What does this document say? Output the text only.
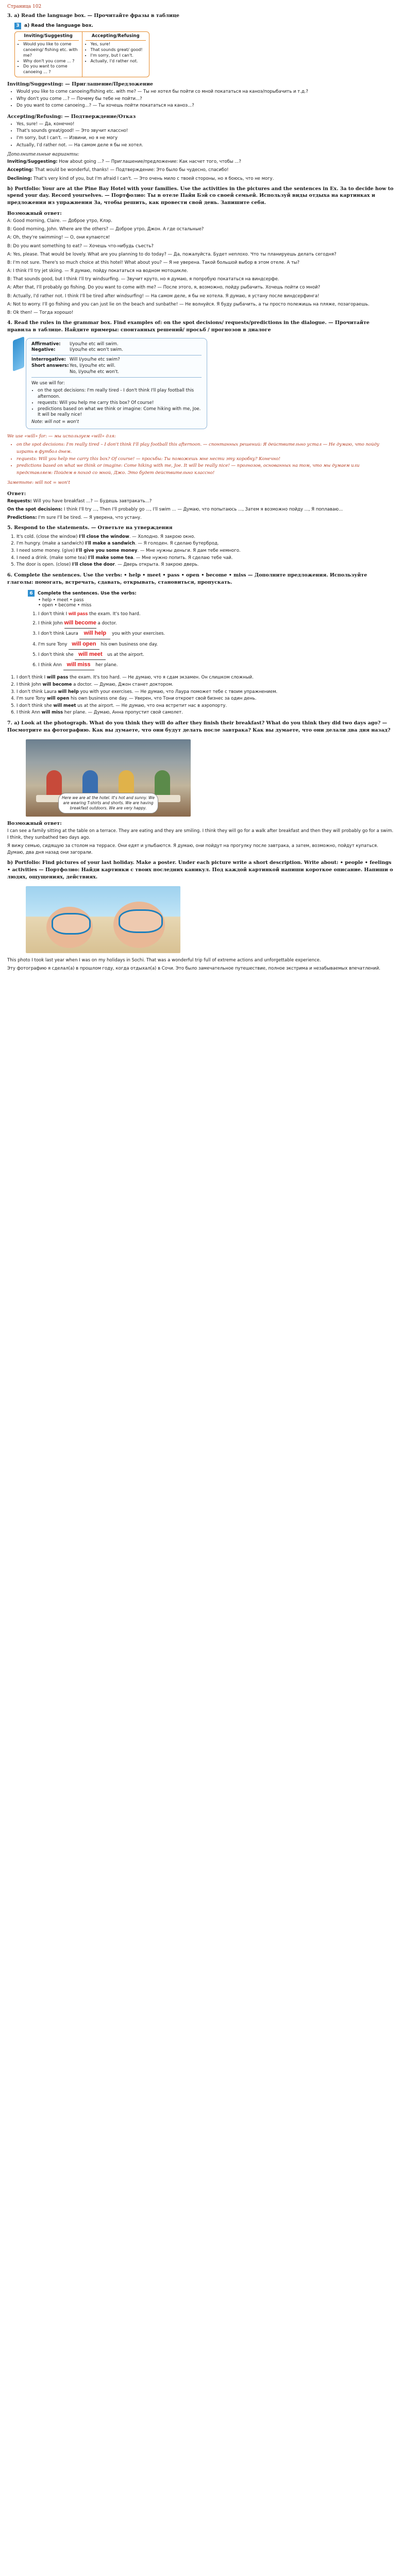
Страница 102
3. a) Read the language box. — Прочитайте фразы в таблице
3	a) Read the language box.
Inviting/Suggesting
• Would you like to come canoeing/ fishing etc. with me?
• Why don't you come ... ?
• Do you want to come canoeing ... ?
Accepting/Refusing
• Yes, sure!
• That sounds great/ good!
• I'm sorry, but I can't.
• Actually, I'd rather not.
Inviting/Suggesting: — Приглашение/Предложение
• Would you like to come canoeing/fishing etc. with me? — Ты не хотел бы пойти со мной покататься на каноэ/порыбачить и т.д.?
• Why don't you come ...? — Почему бы тебе не пойти...?
• Do you want to come canoeing...? — Ты хочешь пойти покататься на каноэ...?
Accepting/Refusing: — Подтверждение/Отказ
• Yes, sure! — Да, конечно!
• That's sounds great/good! — Это звучит классно!
• I'm sorry, but I can't. — Извини, но я не могу
• Actually, I'd rather not. — На самом деле я бы не хотел.
Дополнительные варианты:
Inviting/Suggesting: How about going ...? — Приглашение/предложение: Как насчет того, чтобы ...?
Accepting: That would be wonderful, thanks! — Подтверждение: Это было бы чудесно, спасибо!
Declining: That's very kind of you, but I'm afraid I can't. — Это очень мило с твоей стороны, но я боюсь, что не могу.
b) Portfolio: Your are at the Pine Bay Hotel with your families. Use the activities in the pictures and the sentences in Ex. 3a to decide how to spend your day. Record yourselves. — Портфолио: Ты в отеле Пайн Бэй со своей семьей. Используй виды отдыха на картинках и предложения из упражнения 3а, чтобы решить, как провести свой день. Запишите себя.
Возможный ответ:
A: Good morning, Claire. — Доброе утро, Клэр.
B: Good morning, John. Where are the others? — Доброе утро, Джон. А где остальные?
A: Oh, they're swimming! — О, они купаются!
B: Do you want something to eat? — Хочешь что-нибудь съесть?
A: Yes, please. That would be lovely. What are you planning to do today? — Да, пожалуйста. Будет неплохо. Что ты планируешь делать сегодня?
B: I'm not sure. There's so much choice at this hotel! What about you? — Я не уверена. Такой большой выбор в этом отеле. А ты?
A: I think I'll try jet skiing. — Я думаю, пойду покататься на водном мотоцикле.
B: That sounds good, but I think I'll try windsurfing. — Звучит круто, но я думаю, я попробую покататься на виндсерфе.
A: After that, I'll probably go fishing. Do you want to come with me? — После этого, я, возможно, пойду рыбачить. Хочешь пойти со мной?
B: Actually, I'd rather not. I think I'll be tired after windsurfing! — На самом деле, я бы не хотела. Я думаю, я устану после виндсерфинга!
A: Not to worry. I'll go fishing and you can just lie on the beach and sunbathe! — Не волнуйся. Я буду рыбачить, а ты просто полежишь на пляже, позагораешь.
B: Ok then! — Тогда хорошо!
4. Read the rules in the grammar box. Find examples of: on the spot decisions/ requests/predictions in the dialogue. — Прочитайте правила в таблице. Найдите примеры: спонтанных решений/ просьб / прогнозов в диалоге
Affirmative:	I/you/he etc will swim.
Negative:	I/you/he etc won't swim.
Interrogative: Will I/you/he etc swim?
Short answers: Yes, I/you/he etc will.
No, I/you/he etc won't.
We use will for:
• on the spot decisions: I'm really tired - I don't think I'll play football this afternoon.
• requests: Will you help me carry this box? Of course!
• predictions based on what we think or imagine: Come hiking with me, Joe. It will be really nice!
Note: will not = won't
We use «will» for: — мы используем «will» для:
• on the spot decisions: I'm really tired – I don't think I'll play football this afternoon. — спонтанных решений: Я действительно устал — Не думаю, что пойду играть в футбол днем.
• requests: Will you help me carry this box? Of course! — просьбы: Ты поможешь мне нести эту коробку? Конечно!
• predictions based on what we think or imagine: Come hiking with me, Joe. It will be really nice! — прогнозов, основанных на том, что мы думаем или представляем: Пойдем в поход со мной, Джо. Это будет действительно классно!
Заметьте: will not = won't
Ответ:
Requests: Will you have breakfast ...? — Будешь завтракать...?
On the spot decisions: I think I'll try ..., Then I'll probably go ..., I'll swim ... — Думаю, что попытаюсь ..., Затем я возможно пойду ..., Я поплаваю...
Predictions: I'm sure I'll be tired. — Я уверена, что устану.
5. Respond to the statements. — Ответьте на утверждения
1. It's cold. (close the window) I'll close the window. — Холодно. Я закрою окно.
2. I'm hungry. (make a sandwich) I'll make a sandwich. — Я голоден. Я сделаю бутерброд.
3. I need some money. (give) I'll give you some money. — Мне нужны деньги. Я дам тебе немного.
4. I need a drink. (make some tea) I'll make some tea. — Мне нужно попить. Я сделаю тебе чай.
5. The door is open. (close) I'll close the door. — Дверь открыта. Я закрою дверь.
6. Complete the sentences. Use the verbs: • help • meet • pass • open • become • miss — Дополните предложения. Используйте глаголы: помогать, встречать, сдавать, открывать, становиться, пропускать.
6	Complete the sentences. Use the verbs:
• help • meet • pass
• open • become • miss
1. I don't think I will pass the exam. It's too hard.
2. I think John will become a doctor.
3. I don't think Laura will help you with your exercises.
4. I'm sure Tony will open his own business one day.
5. I don't think she will meet us at the airport.
6. I think Ann will miss her plane.
1. I don't think I will pass the exam. It's too hard. — Не думаю, что я сдам экзамен. Он слишком сложный.
2. I think John will become a doctor. — Думаю, Джон станет доктором.
3. I don't think Laura will help you with your exercises. — Не думаю, что Лаура поможет тебе с твоим упражнением.
4. I'm sure Tony will open his own business one day. — Уверен, что Тони откроет свой бизнес за один день.
5. I don't think she will meet us at the airport. — Не думаю, что она встретит нас в аэропорту.
6. I think Ann will miss her plane. — Думаю, Анна пропустит свой самолет.
7. a) Look at the photograph. What do you think they will do after they finish their breakfast? What do you think they did two days ago? — Посмотрите на фотографию. Как вы думаете, что они будут делать после завтрака? Как вы думаете, что они делали два дня назад?
Here we are at the hotel. It's hot and sunny. We are wearing T-shirts and shorts. We are having breakfast outdoors. We are very happy.
Возможный ответ:
I can see a family sitting at the table on a terrace. They are eating and they are smiling. I think they will go for a walk after breakfast and then they will probably go for a swim. I think, they sunbathed two days ago.
Я вижу семью, сидящую за столом на террасе. Они едят и улыбаются. Я думаю, они пойдут на прогулку после завтрака, а затем, возможно, пойдут купаться. Думаю, два дня назад они загорали.
b) Portfolio: Find pictures of your last holiday. Make a poster. Under each picture write a short description. Write about: • people • feelings • activities — Портфолио: Найди картинки с твоих последних каникул. Под каждой картинкой напиши короткое описание. Напиши о людях, ощущениях, действиях.
This photo I took last year when I was on my holidays in Sochi. That was a wonderful trip full of extreme actions and unforgettable experience.
Эту фотографию я сделал(а) в прошлом году, когда отдыхал(а) в Сочи. Это было замечательное путешествие, полное экстрима и незабываемых впечатлений.
